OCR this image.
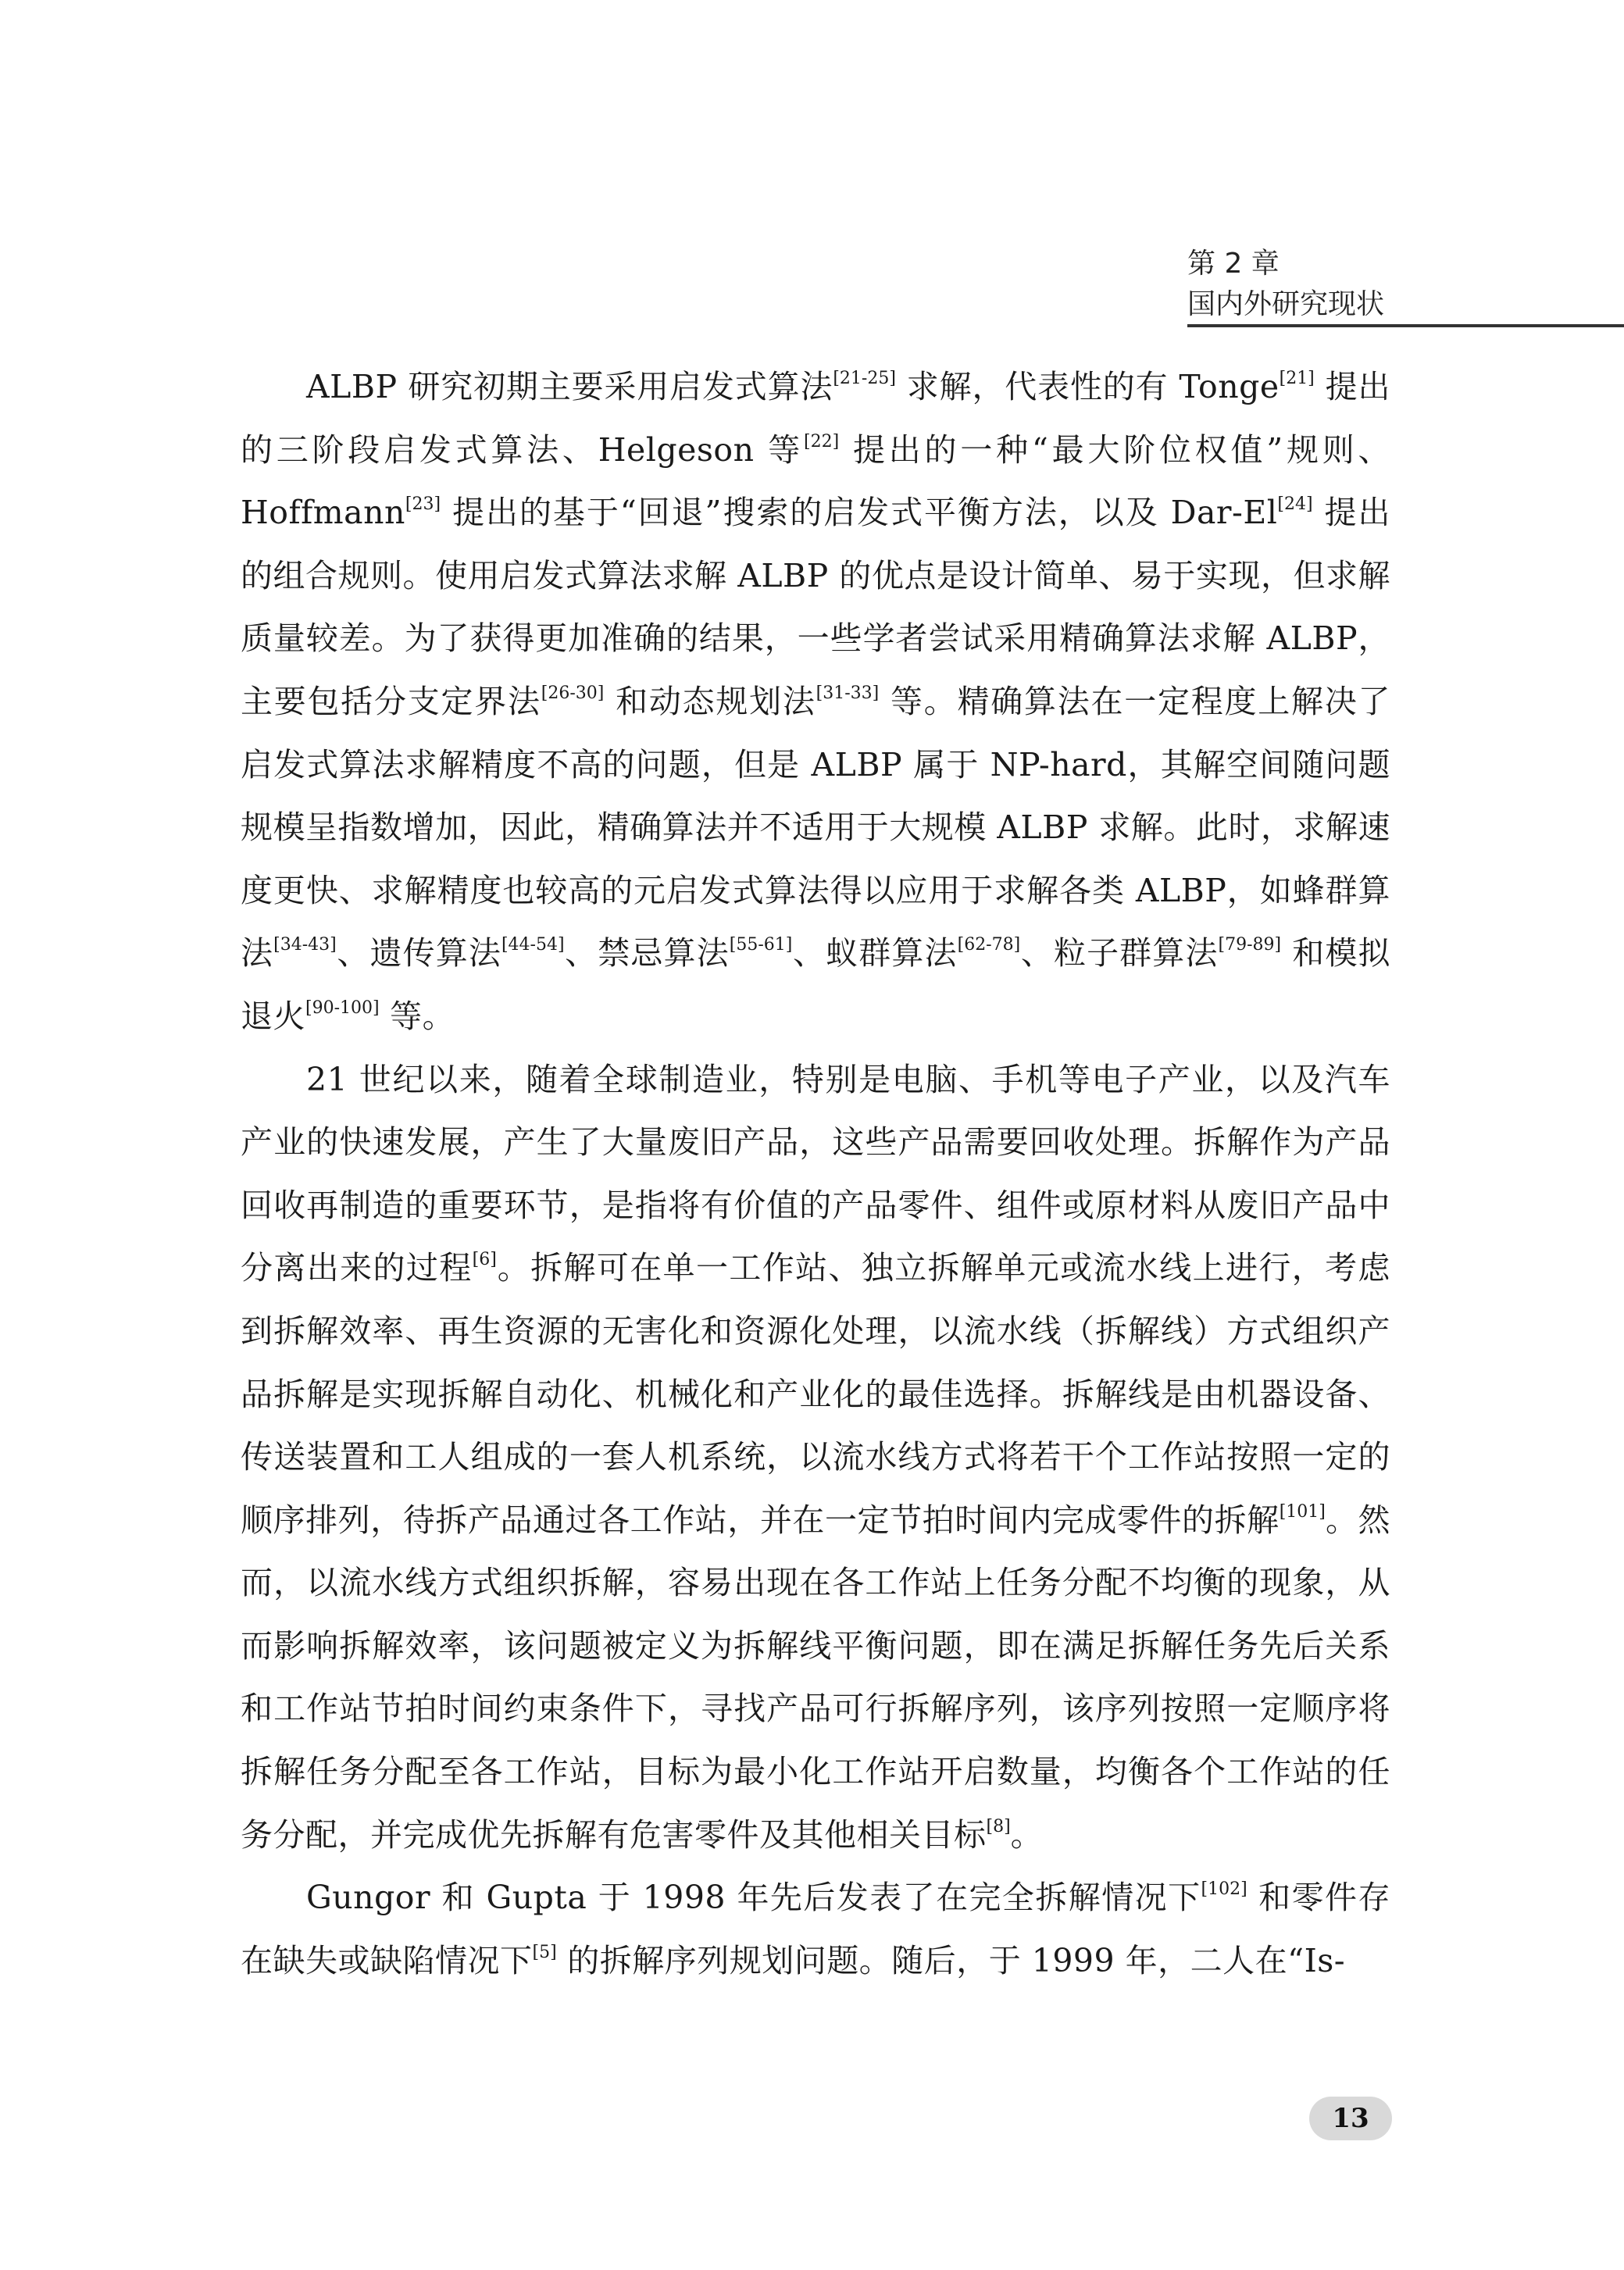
第 2 章
国内外研究现状

ALBP 研究初期主要采用启发式算法[21-25] 求解，代表性的有 Tonge[21] 提出的三阶段启发式算法、Helgeson 等[22] 提出的一种“最大阶位权值”规则、Hoffmann[23] 提出的基于“回退”搜索的启发式平衡方法，以及 Dar-El[24] 提出的组合规则。使用启发式算法求解 ALBP 的优点是设计简单、易于实现，但求解质量较差。为了获得更加准确的结果，一些学者尝试采用精确算法求解 ALBP，主要包括分支定界法[26-30] 和动态规划法[31-33] 等。精确算法在一定程度上解决了启发式算法求解精度不高的问题，但是 ALBP 属于 NP-hard，其解空间随问题规模呈指数增加，因此，精确算法并不适用于大规模 ALBP 求解。此时，求解速度更快、求解精度也较高的元启发式算法得以应用于求解各类 ALBP，如蜂群算法[34-43]、遗传算法[44-54]、禁忌算法[55-61]、蚁群算法[62-78]、粒子群算法[79-89] 和模拟退火[90-100] 等。

21 世纪以来，随着全球制造业，特别是电脑、手机等电子产业，以及汽车产业的快速发展，产生了大量废旧产品，这些产品需要回收处理。拆解作为产品回收再制造的重要环节，是指将有价值的产品零件、组件或原材料从废旧产品中分离出来的过程[6]。拆解可在单一工作站、独立拆解单元或流水线上进行，考虑到拆解效率、再生资源的无害化和资源化处理，以流水线（拆解线）方式组织产品拆解是实现拆解自动化、机械化和产业化的最佳选择。拆解线是由机器设备、传送装置和工人组成的一套人机系统，以流水线方式将若干个工作站按照一定的顺序排列，待拆产品通过各工作站，并在一定节拍时间内完成零件的拆解[101]。然而，以流水线方式组织拆解，容易出现在各工作站上任务分配不均衡的现象，从而影响拆解效率，该问题被定义为拆解线平衡问题，即在满足拆解任务先后关系和工作站节拍时间约束条件下，寻找产品可行拆解序列，该序列按照一定顺序将拆解任务分配至各工作站，目标为最小化工作站开启数量，均衡各个工作站的任务分配，并完成优先拆解有危害零件及其他相关目标[8]。

Gungor 和 Gupta 于 1998 年先后发表了在完全拆解情况下[102] 和零件存在缺失或缺陷情况下[5] 的拆解序列规划问题。随后，于 1999 年，二人在“Is-

13
